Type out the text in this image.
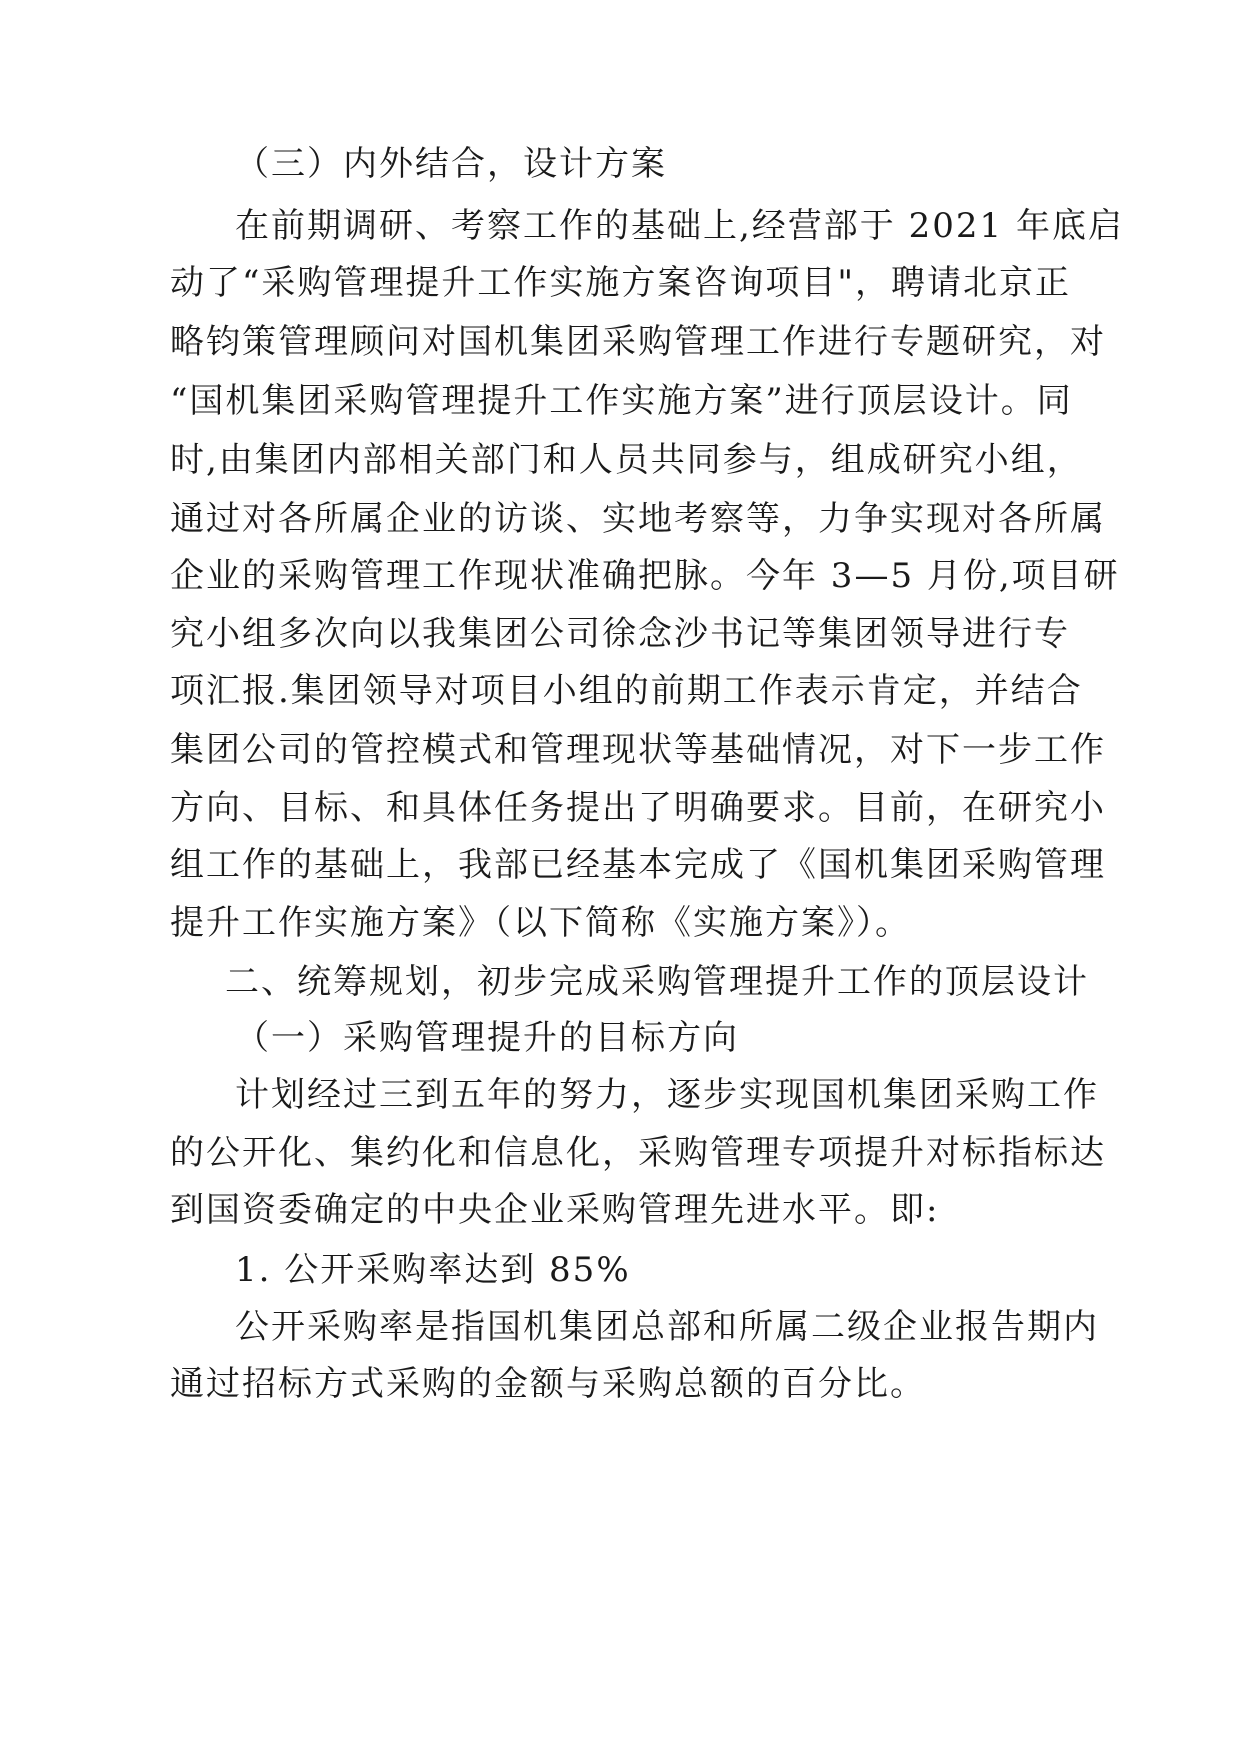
（三）内外结合，设计方案
在前期调研、考察工作的基础上,经营部于 2021 年底启
动了“采购管理提升工作实施方案咨询项目"，聘请北京正
略钧策管理顾问对国机集团采购管理工作进行专题研究，对
“国机集团采购管理提升工作实施方案”进行顶层设计。同
时,由集团内部相关部门和人员共同参与，组成研究小组，
通过对各所属企业的访谈、实地考察等，力争实现对各所属
企业的采购管理工作现状准确把脉。今年 3—5 月份,项目研
究小组多次向以我集团公司徐念沙书记等集团领导进行专
项汇报.集团领导对项目小组的前期工作表示肯定，并结合
集团公司的管控模式和管理现状等基础情况，对下一步工作
方向、目标、和具体任务提出了明确要求。目前，在研究小
组工作的基础上，我部已经基本完成了《国机集团采购管理
提升工作实施方案》（以下简称《实施方案》）。
二、统筹规划，初步完成采购管理提升工作的顶层设计
（一）采购管理提升的目标方向
计划经过三到五年的努力，逐步实现国机集团采购工作
的公开化、集约化和信息化，采购管理专项提升对标指标达
到国资委确定的中央企业采购管理先进水平。即:
1. 公开采购率达到 85%
公开采购率是指国机集团总部和所属二级企业报告期内
通过招标方式采购的金额与采购总额的百分比。
